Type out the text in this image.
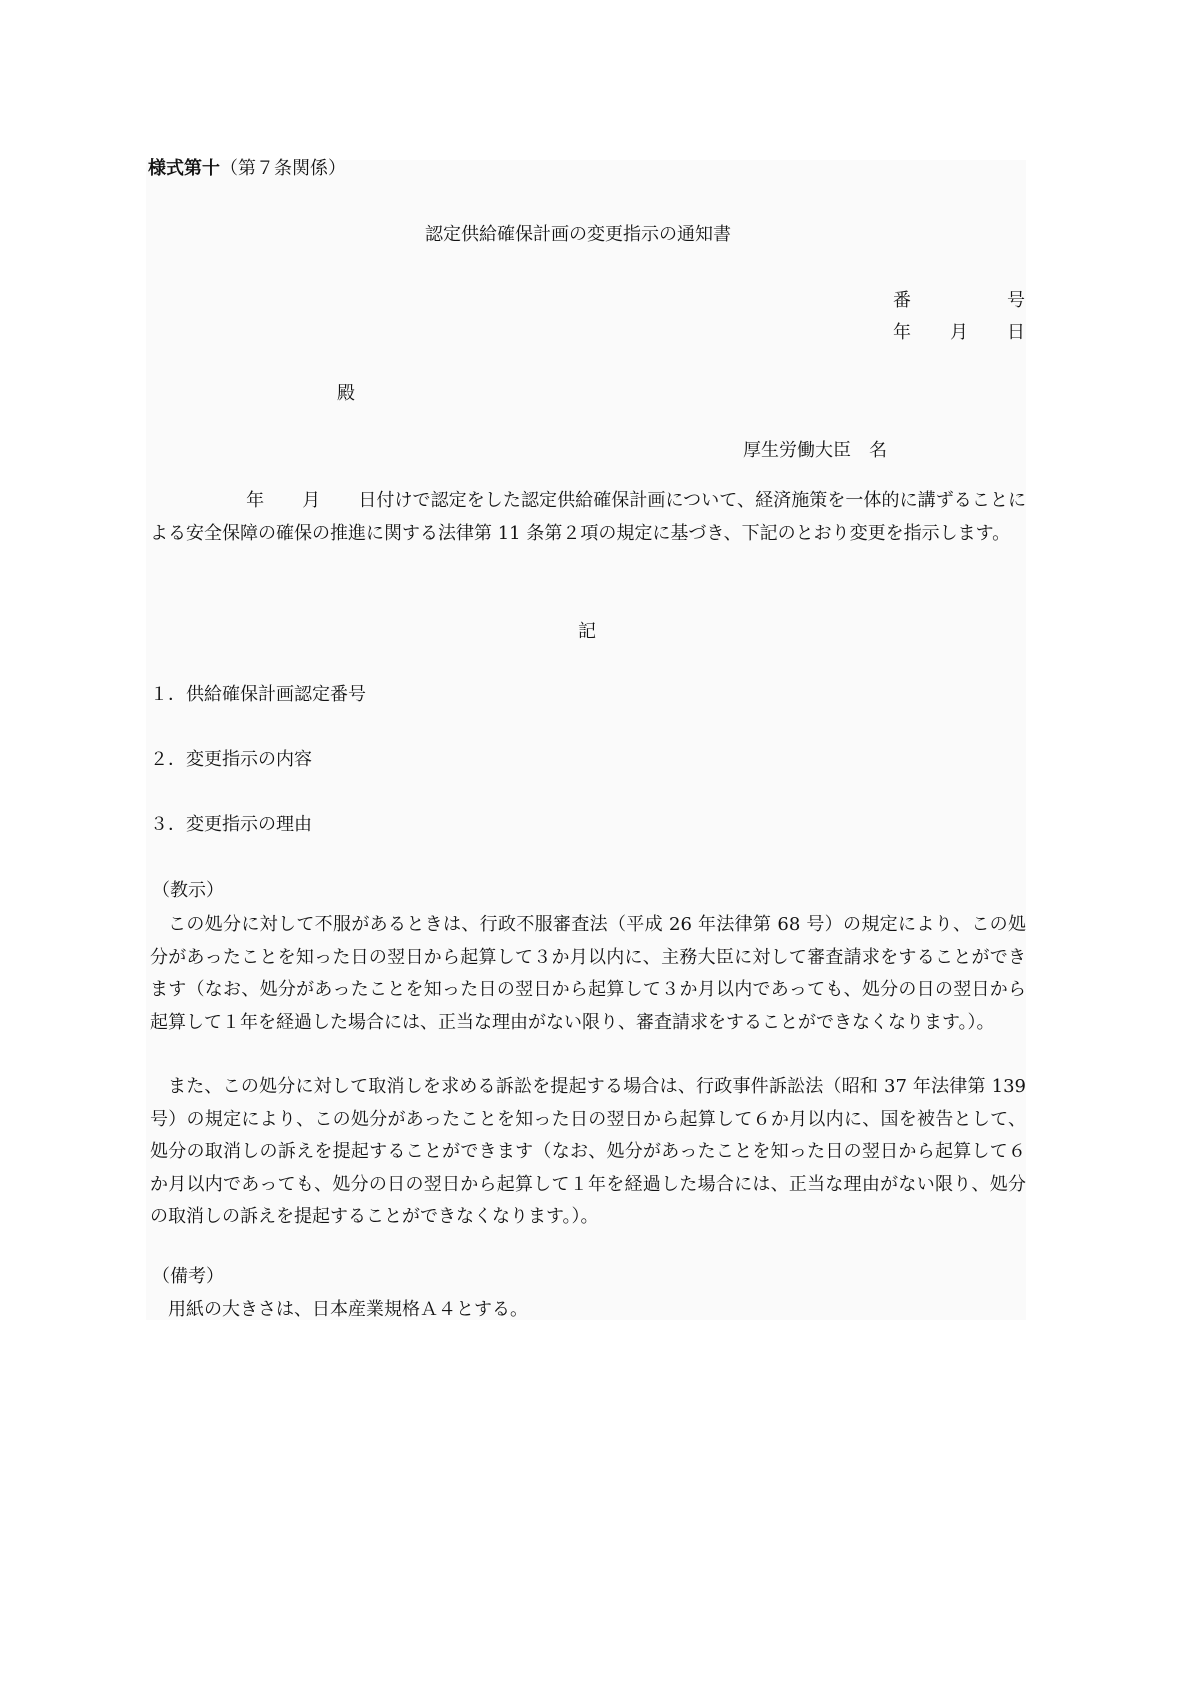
様式第十（第７条関係）
認定供給確保計画の変更指示の通知書
番	号
年 月 日
殿
厚生労働大臣　名
年 月 日付けで認定をした認定供給確保計画について、経済施策を一体的に講ずることによる安全保障の確保の推進に関する法律第 11 条第２項の規定に基づき、下記のとおり変更を指示します。
記
１．供給確保計画認定番号
２．変更指示の内容
３．変更指示の理由
（教示）
この処分に対して不服があるときは、行政不服審査法（平成 26 年法律第 68 号）の規定により、この処分があったことを知った日の翌日から起算して３か月以内に、主務大臣に対して審査請求をすることができます（なお、処分があったことを知った日の翌日から起算して３か月以内であっても、処分の日の翌日から起算して１年を経過した場合には、正当な理由がない限り、審査請求をすることができなくなります。）。
また、この処分に対して取消しを求める訴訟を提起する場合は、行政事件訴訟法（昭和 37 年法律第 139 号）の規定により、この処分があったことを知った日の翌日から起算して６か月以内に、国を被告として、処分の取消しの訴えを提起することができます（なお、処分があったことを知った日の翌日から起算して６か月以内であっても、処分の日の翌日から起算して１年を経過した場合には、正当な理由がない限り、処分の取消しの訴えを提起することができなくなります。）。
（備考）
用紙の大きさは、日本産業規格Ａ４とする。
